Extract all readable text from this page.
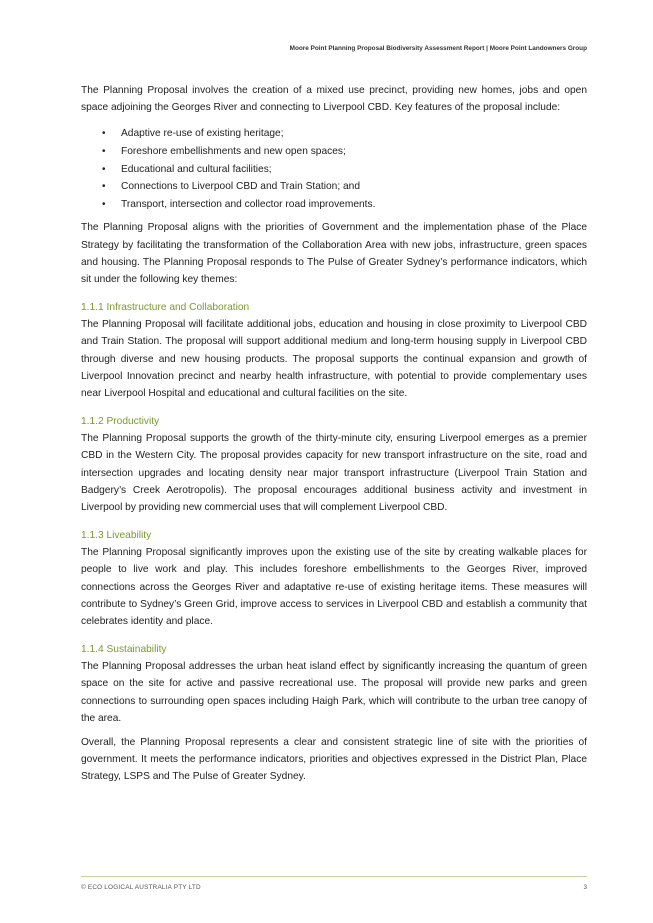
Moore Point Planning Proposal Biodiversity Assessment Report | Moore Point Landowners Group

The Planning Proposal involves the creation of a mixed use precinct, providing new homes, jobs and open space adjoining the Georges River and connecting to Liverpool CBD. Key features of the proposal include:

• Adaptive re-use of existing heritage;
• Foreshore embellishments and new open spaces;
• Educational and cultural facilities;
• Connections to Liverpool CBD and Train Station; and
• Transport, intersection and collector road improvements.

The Planning Proposal aligns with the priorities of Government and the implementation phase of the Place Strategy by facilitating the transformation of the Collaboration Area with new jobs, infrastructure, green spaces and housing. The Planning Proposal responds to The Pulse of Greater Sydney’s performance indicators, which sit under the following key themes:

1.1.1 Infrastructure and Collaboration

The Planning Proposal will facilitate additional jobs, education and housing in close proximity to Liverpool CBD and Train Station. The proposal will support additional medium and long-term housing supply in Liverpool CBD through diverse and new housing products. The proposal supports the continual expansion and growth of Liverpool Innovation precinct and nearby health infrastructure, with potential to provide complementary uses near Liverpool Hospital and educational and cultural facilities on the site.

1.1.2 Productivity

The Planning Proposal supports the growth of the thirty-minute city, ensuring Liverpool emerges as a premier CBD in the Western City. The proposal provides capacity for new transport infrastructure on the site, road and intersection upgrades and locating density near major transport infrastructure (Liverpool Train Station and Badgery’s Creek Aerotropolis). The proposal encourages additional business activity and investment in Liverpool by providing new commercial uses that will complement Liverpool CBD.

1.1.3 Liveability

The Planning Proposal significantly improves upon the existing use of the site by creating walkable places for people to live work and play. This includes foreshore embellishments to the Georges River, improved connections across the Georges River and adaptative re-use of existing heritage items. These measures will contribute to Sydney’s Green Grid, improve access to services in Liverpool CBD and establish a community that celebrates identity and place.

1.1.4 Sustainability

The Planning Proposal addresses the urban heat island effect by significantly increasing the quantum of green space on the site for active and passive recreational use. The proposal will provide new parks and green connections to surrounding open spaces including Haigh Park, which will contribute to the urban tree canopy of the area.

Overall, the Planning Proposal represents a clear and consistent strategic line of site with the priorities of government. It meets the performance indicators, priorities and objectives expressed in the District Plan, Place Strategy, LSPS and The Pulse of Greater Sydney.

© ECO LOGICAL AUSTRALIA PTY LTD	3
